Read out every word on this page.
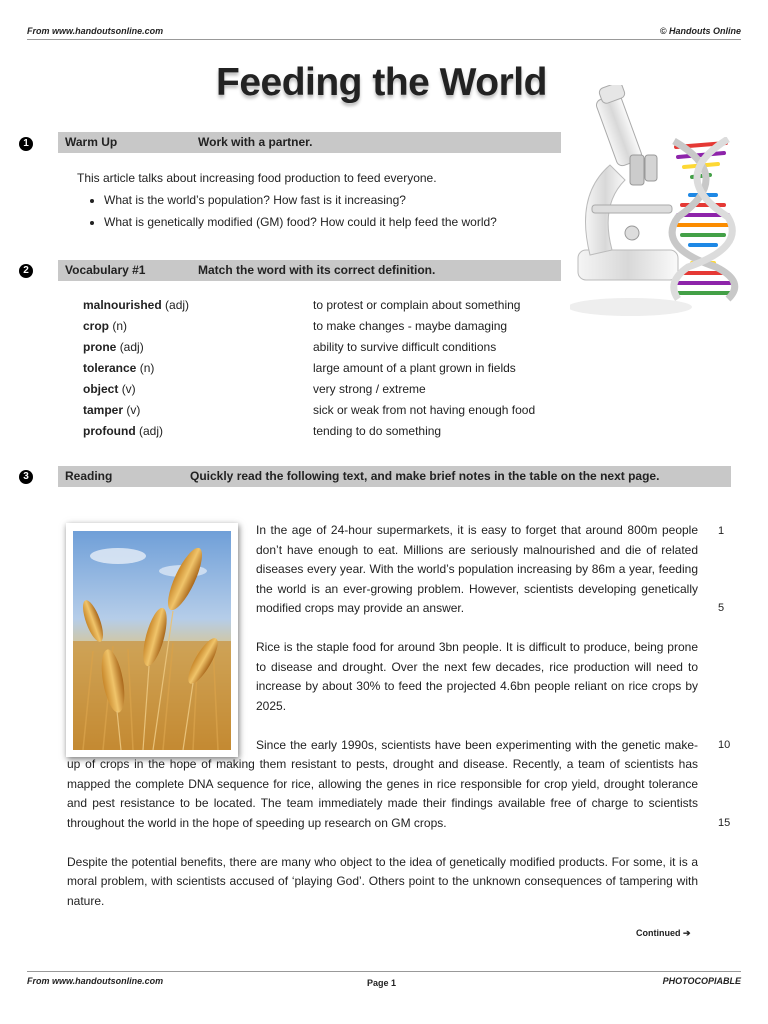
From www.handoutsonline.com	© Handouts Online
Feeding the World
1	Warm Up	Work with a partner.
This article talks about increasing food production to feed everyone.
• What is the world’s population? How fast is it increasing?
• What is genetically modified (GM) food? How could it help feed the world?
2	Vocabulary #1	Match the word with its correct definition.
malnourished (adj)	to protest or complain about something
crop (n)	to make changes - maybe damaging
prone (adj)	ability to survive difficult conditions
tolerance (n)	large amount of a plant grown in fields
object (v)	very strong / extreme
tamper (v)	sick or weak from not having enough food
profound (adj)	tending to do something
3	Reading	Quickly read the following text, and make brief notes in the table on the next page.

In the age of 24-hour supermarkets, it is easy to forget that around 800m people don’t have enough to eat. Millions are seriously malnourished and die of related diseases every year. With the world’s population increasing by 86m a year, feeding the world is an ever-growing problem. However, scientists developing genetically modified crops may provide an answer.

Rice is the staple food for around 3bn people. It is difficult to produce, being prone to disease and drought. Over the next few decades, rice production will need to increase by about 30% to feed the projected 4.6bn people reliant on rice crops by 2025.

Since the early 1990s, scientists have been experimenting with the genetic make-up of crops in the hope of making them resistant to pests, drought and disease. Recently, a team of scientists has mapped the complete DNA sequence for rice, allowing the genes in rice responsible for crop yield, drought tolerance and pest resistance to be located. The team immediately made their findings available free of charge to scientists throughout the world in the hope of speeding up research on GM crops.

Despite the potential benefits, there are many who object to the idea of genetically modified products. For some, it is a moral problem, with scientists accused of ‘playing God’. Others point to the unknown consequences of tampering with nature.

1
5
10
15
Continued ➔
From www.handoutsonline.com	Page 1	PHOTOCOPIABLE
